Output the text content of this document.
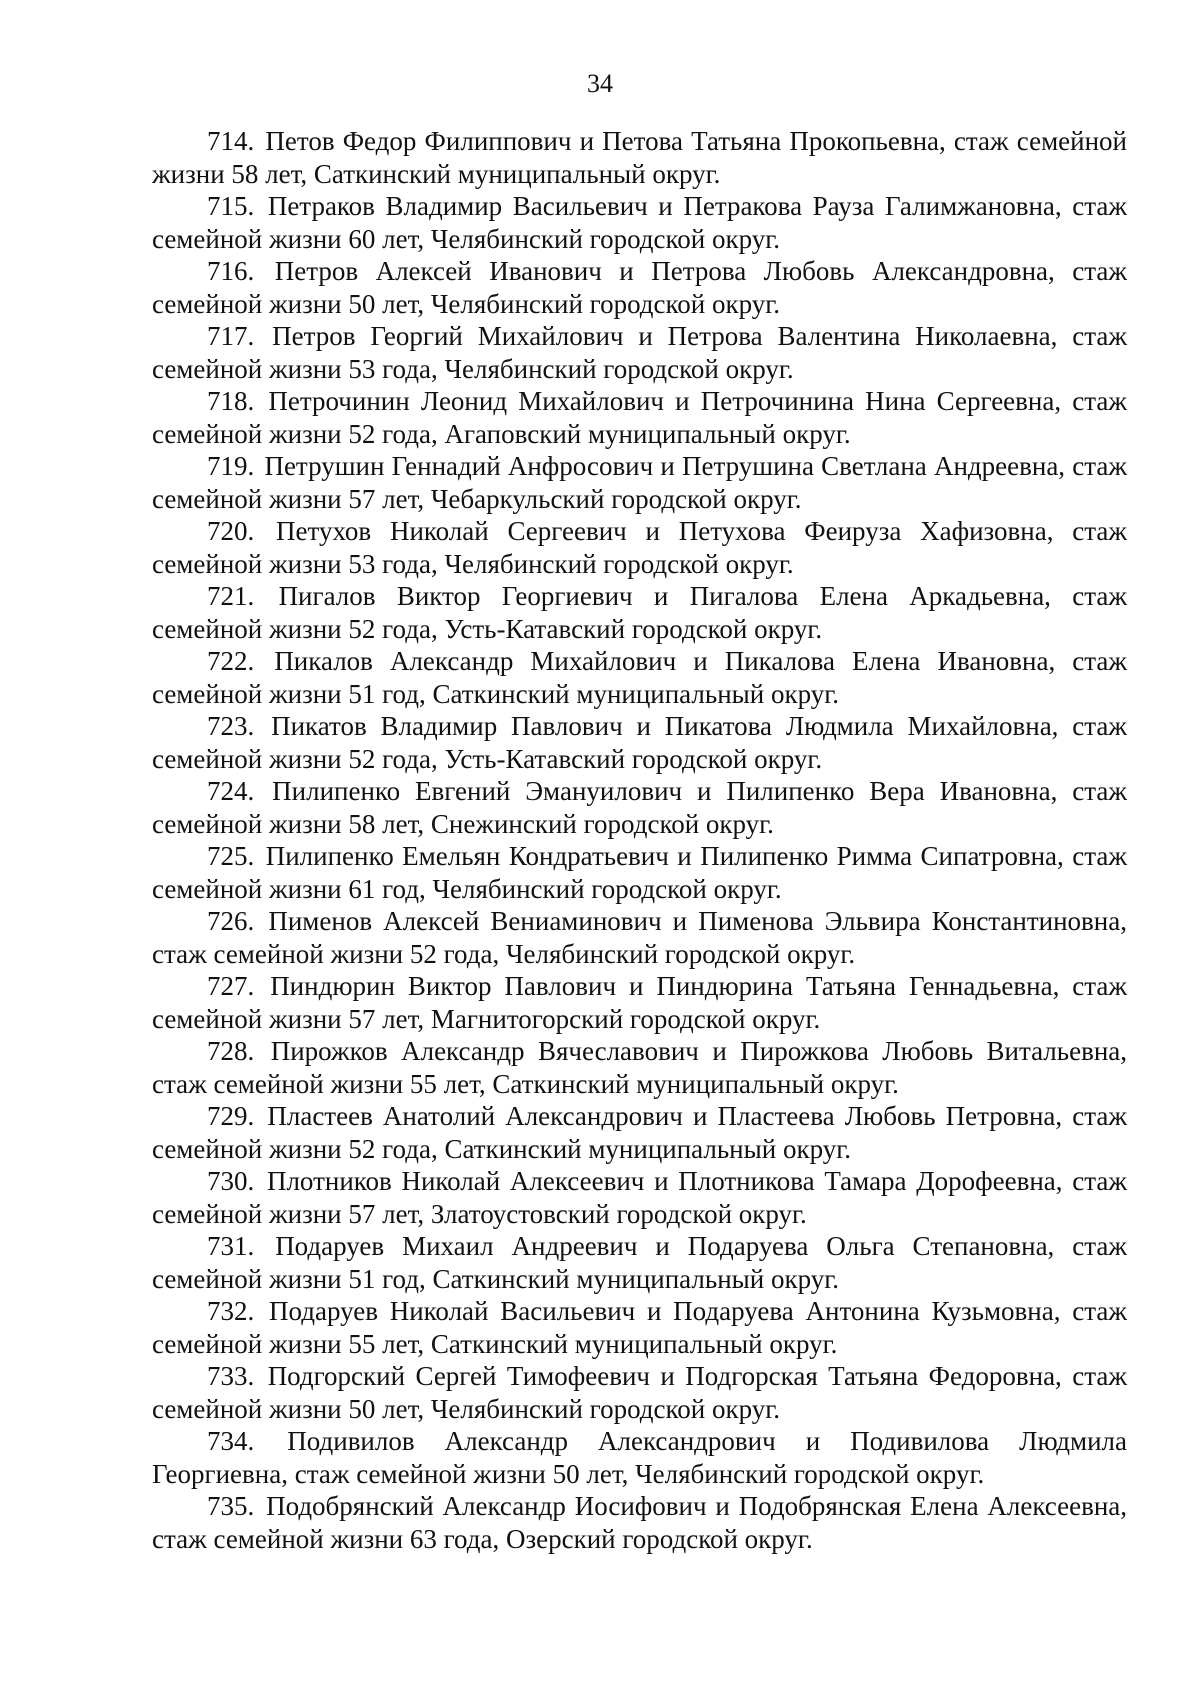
34

714. Петов Федор Филиппович и Петова Татьяна Прокопьевна, стаж семейной жизни 58 лет, Саткинский муниципальный округ.

715. Петраков Владимир Васильевич и Петракова Рауза Галимжановна, стаж семейной жизни 60 лет, Челябинский городской округ.

716. Петров Алексей Иванович и Петрова Любовь Александровна, стаж семейной жизни 50 лет, Челябинский городской округ.

717. Петров Георгий Михайлович и Петрова Валентина Николаевна, стаж семейной жизни 53 года, Челябинский городской округ.

718. Петрочинин Леонид Михайлович и Петрочинина Нина Сергеевна, стаж семейной жизни 52 года, Агаповский муниципальный округ.

719. Петрушин Геннадий Анфросович и Петрушина Светлана Андреевна, стаж семейной жизни 57 лет, Чебаркульский городской округ.

720. Петухов Николай Сергеевич и Петухова Феируза Хафизовна, стаж семейной жизни 53 года, Челябинский городской округ.

721. Пигалов Виктор Георгиевич и Пигалова Елена Аркадьевна, стаж семейной жизни 52 года, Усть-Катавский городской округ.

722. Пикалов Александр Михайлович и Пикалова Елена Ивановна, стаж семейной жизни 51 год, Саткинский муниципальный округ.

723. Пикатов Владимир Павлович и Пикатова Людмила Михайловна, стаж семейной жизни 52 года, Усть-Катавский городской округ.

724. Пилипенко Евгений Эмануилович и Пилипенко Вера Ивановна, стаж семейной жизни 58 лет, Снежинский городской округ.

725. Пилипенко Емельян Кондратьевич и Пилипенко Римма Сипатровна, стаж семейной жизни 61 год, Челябинский городской округ.

726. Пименов Алексей Вениаминович и Пименова Эльвира Константиновна, стаж семейной жизни 52 года, Челябинский городской округ.

727. Пиндюрин Виктор Павлович и Пиндюрина Татьяна Геннадьевна, стаж семейной жизни 57 лет, Магнитогорский городской округ.

728. Пирожков Александр Вячеславович и Пирожкова Любовь Витальевна, стаж семейной жизни 55 лет, Саткинский муниципальный округ.

729. Пластеев Анатолий Александрович и Пластеева Любовь Петровна, стаж семейной жизни 52 года, Саткинский муниципальный округ.

730. Плотников Николай Алексеевич и Плотникова Тамара Дорофеевна, стаж семейной жизни 57 лет, Златоустовский городской округ.

731. Подаруев Михаил Андреевич и Подаруева Ольга Степановна, стаж семейной жизни 51 год, Саткинский муниципальный округ.

732. Подаруев Николай Васильевич и Подаруева Антонина Кузьмовна, стаж семейной жизни 55 лет, Саткинский муниципальный округ.

733. Подгорский Сергей Тимофеевич и Подгорская Татьяна Федоровна, стаж семейной жизни 50 лет, Челябинский городской округ.

734. Подивилов Александр Александрович и Подивилова Людмила Георгиевна, стаж семейной жизни 50 лет, Челябинский городской округ.

735. Подобрянский Александр Иосифович и Подобрянская Елена Алексеевна, стаж семейной жизни 63 года, Озерский городской округ.
